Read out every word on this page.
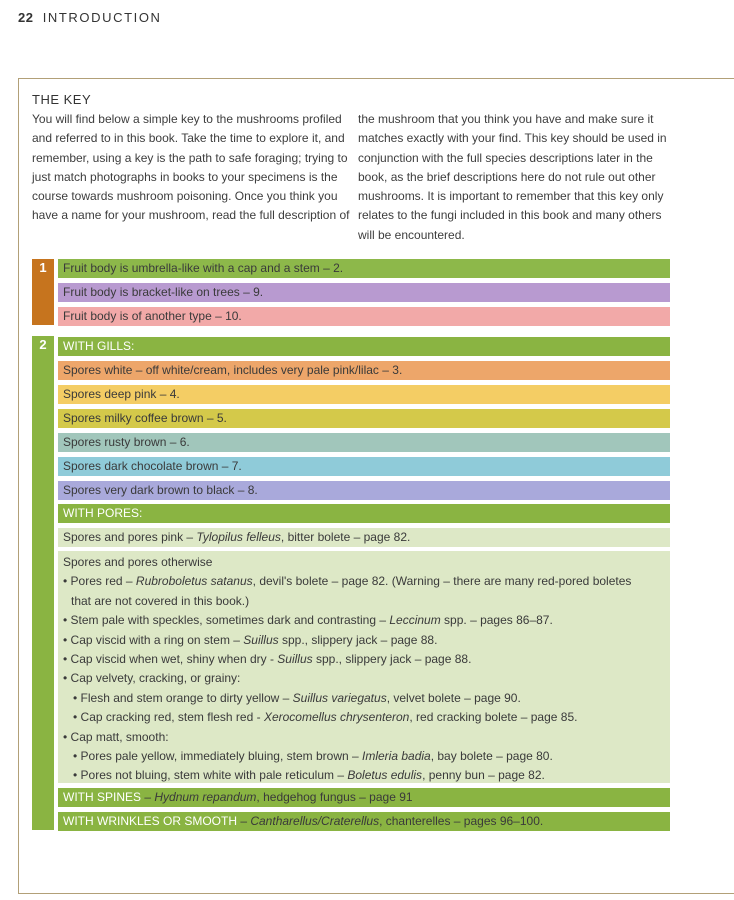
22 INTRODUCTION
THE KEY
You will find below a simple key to the mushrooms profiled and referred to in this book. Take the time to explore it, and remember, using a key is the path to safe foraging; trying to just match photographs in books to your specimens is the course towards mushroom poisoning. Once you think you have a name for your mushroom, read the full description of
the mushroom that you think you have and make sure it matches exactly with your find. This key should be used in conjunction with the full species descriptions later in the book, as the brief descriptions here do not rule out other mushrooms. It is important to remember that this key only relates to the fungi included in this book and many others will be encountered.
1	Fruit body is umbrella-like with a cap and a stem – 2.
Fruit body is bracket-like on trees – 9.
Fruit body is of another type – 10.
2	WITH GILLS:
Spores white – off white/cream, includes very pale pink/lilac – 3.
Spores deep pink – 4.
Spores milky coffee brown – 5.
Spores rusty brown – 6.
Spores dark chocolate brown – 7.
Spores very dark brown to black – 8.
WITH PORES:
Spores and pores pink – Tylopilus felleus, bitter bolete – page 82.
Spores and pores otherwise
• Pores red – Rubroboletus satanus, devil's bolete – page 82. (Warning – there are many red-pored boletes
that are not covered in this book.)
• Stem pale with speckles, sometimes dark and contrasting – Leccinum spp. – pages 86–87.
• Cap viscid with a ring on stem – Suillus spp., slippery jack – page 88.
• Cap viscid when wet, shiny when dry - Suillus spp., slippery jack – page 88.
• Cap velvety, cracking, or grainy:
• Flesh and stem orange to dirty yellow – Suillus variegatus, velvet bolete – page 90.
• Cap cracking red, stem flesh red - Xerocomellus chrysenteron, red cracking bolete – page 85.
• Cap matt, smooth:
• Pores pale yellow, immediately bluing, stem brown – Imleria badia, bay bolete – page 80.
• Pores not bluing, stem white with pale reticulum – Boletus edulis, penny bun – page 82.
WITH SPINES – Hydnum repandum, hedgehog fungus – page 91
WITH WRINKLES OR SMOOTH – Cantharellus/Craterellus, chanterelles – pages 96–100.
